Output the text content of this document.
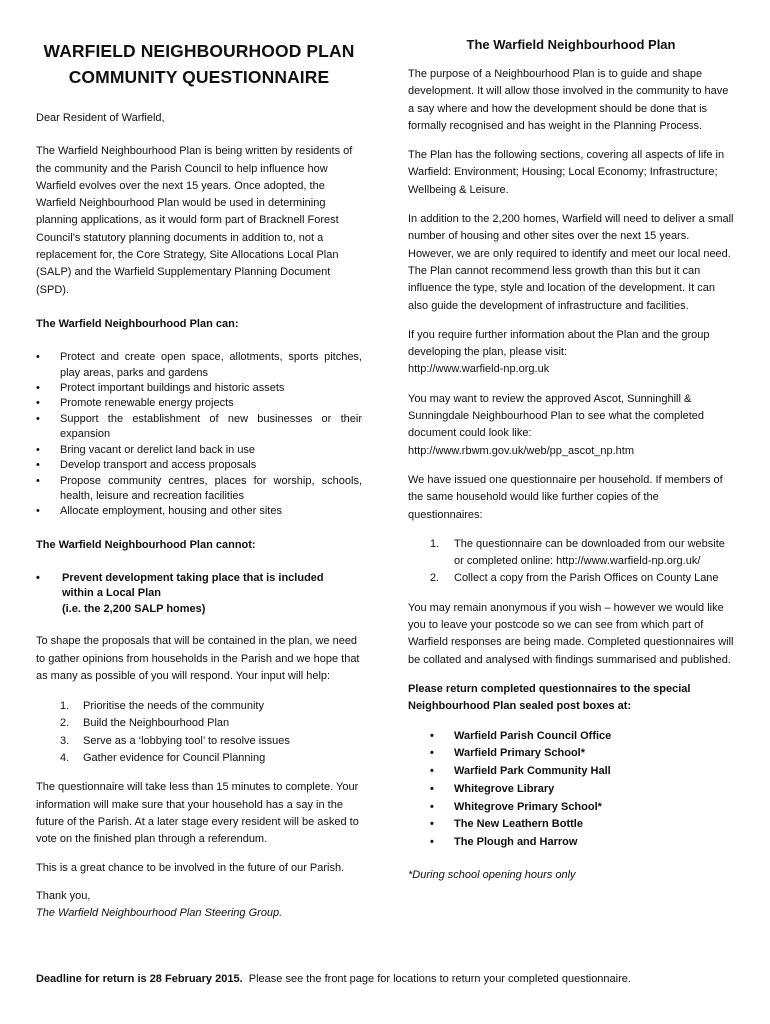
WARFIELD NEIGHBOURHOOD PLAN
COMMUNITY QUESTIONNAIRE

Dear Resident of Warfield,

The Warfield Neighbourhood Plan is being written by residents of the community and the Parish Council to help influence how Warfield evolves over the next 15 years. Once adopted, the Warfield Neighbourhood Plan would be used in determining planning applications, as it would form part of Bracknell Forest Council’s statutory planning documents in addition to, not a replacement for, the Core Strategy, Site Allocations Local Plan (SALP) and the Warfield Supplementary Planning Document (SPD).

The Warfield Neighbourhood Plan can:

• Protect and create open space, allotments, sports pitches, play areas, parks and gardens
• Protect important buildings and historic assets
• Promote renewable energy projects
• Support the establishment of new businesses or their expansion
• Bring vacant or derelict land back in use
• Develop transport and access proposals
• Propose community centres, places for worship, schools, health, leisure and recreation facilities
• Allocate employment, housing and other sites

The Warfield Neighbourhood Plan cannot:

• Prevent development taking place that is included
within a Local Plan
(i.e. the 2,200 SALP homes)

To shape the proposals that will be contained in the plan, we need to gather opinions from households in the Parish and we hope that as many as possible of you will respond. Your input will help:

1. Prioritise the needs of the community
2. Build the Neighbourhood Plan
3. Serve as a ‘lobbying tool’ to resolve issues
4. Gather evidence for Council Planning

The questionnaire will take less than 15 minutes to complete. Your information will make sure that your household has a say in the future of the Parish. At a later stage every resident will be asked to vote on the finished plan through a referendum.

This is a great chance to be involved in the future of our Parish.

Thank you,

The Warfield Neighbourhood Plan Steering Group.

The Warfield Neighbourhood Plan

The purpose of a Neighbourhood Plan is to guide and shape development. It will allow those involved in the community to have a say where and how the development should be done that is formally recognised and has weight in the Planning Process.

The Plan has the following sections, covering all aspects of life in Warfield: Environment; Housing; Local Economy; Infrastructure; Wellbeing & Leisure.

In addition to the 2,200 homes, Warfield will need to deliver a small number of housing and other sites over the next 15 years. However, we are only required to identify and meet our local need. The Plan cannot recommend less growth than this but it can influence the type, style and location of the development. It can also guide the development of infrastructure and facilities.

If you require further information about the Plan and the group developing the plan, please visit:
http://www.warfield-np.org.uk

You may want to review the approved Ascot, Sunninghill & Sunningdale Neighbourhood Plan to see what the completed document could look like:
http://www.rbwm.gov.uk/web/pp_ascot_np.htm

We have issued one questionnaire per household. If members of the same household would like further copies of the questionnaires:

1. The questionnaire can be downloaded from our website or completed online: http://www.warfield-np.org.uk/
2. Collect a copy from the Parish Offices on County Lane

You may remain anonymous if you wish – however we would like you to leave your postcode so we can see from which part of Warfield responses are being made. Completed questionnaires will be collated and analysed with findings summarised and published.

Please return completed questionnaires to the special Neighbourhood Plan sealed post boxes at:

• Warfield Parish Council Office
• Warfield Primary School*
• Warfield Park Community Hall
• Whitegrove Library
• Whitegrove Primary School*
• The New Leathern Bottle
• The Plough and Harrow

*During school opening hours only

Deadline for return is 28 February 2015. Please see the front page for locations to return your completed questionnaire.
